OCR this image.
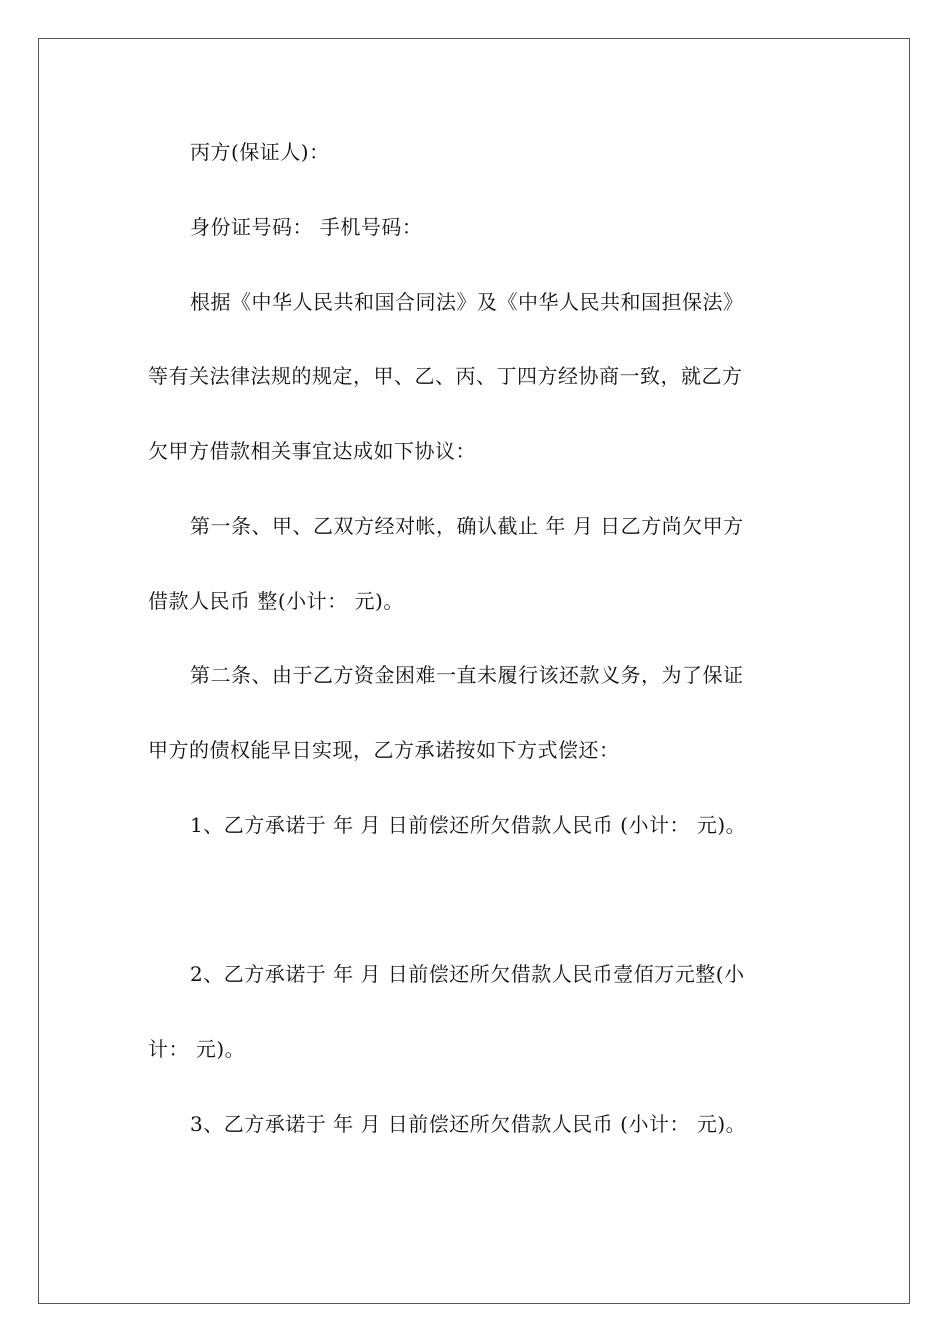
丙方(保证人)：
身份证号码： 手机号码：
根据《中华人民共和国合同法》及《中华人民共和国担保法》
等有关法律法规的规定，甲、乙、丙、丁四方经协商一致，就乙方
欠甲方借款相关事宜达成如下协议：
第一条、甲、乙双方经对帐，确认截止 年 月 日乙方尚欠甲方
借款人民币 整(小计： 元)。
第二条、由于乙方资金困难一直未履行该还款义务，为了保证
甲方的债权能早日实现，乙方承诺按如下方式偿还：
1、乙方承诺于 年 月 日前偿还所欠借款人民币 (小计： 元)。
2、乙方承诺于 年 月 日前偿还所欠借款人民币壹佰万元整(小
计： 元)。
3、乙方承诺于 年 月 日前偿还所欠借款人民币 (小计： 元)。
